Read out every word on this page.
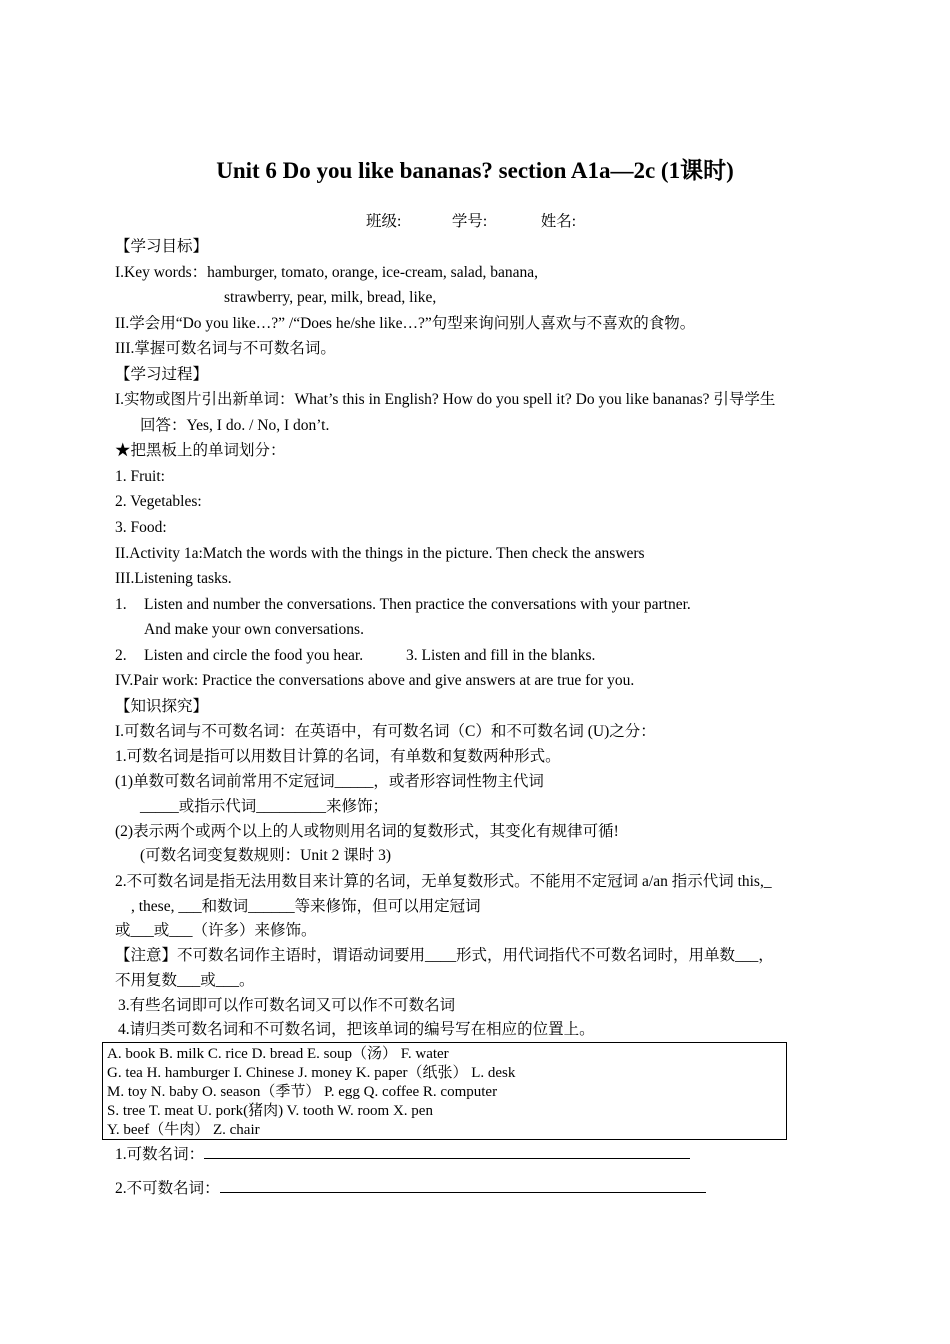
Unit 6 Do you like bananas? section A1a—2c (1课时)
班级:	学号:	姓名:
【学习目标】
I.Key words：hamburger, tomato, orange, ice-cream, salad, banana,
strawberry, pear, milk, bread, like,
II.学会用“Do you like…?” /“Does he/she like…?”句型来询问别人喜欢与不喜欢的食物。
III.掌握可数名词与不可数名词。
【学习过程】
I.实物或图片引出新单词：What’s this in English? How do you spell it? Do you like bananas? 引导学生
回答：Yes, I do. / No, I don’t.
★把黑板上的单词划分：
1. Fruit:
2. Vegetables:
3. Food:
II.Activity 1a:Match the words with the things in the picture. Then check the answers
III.Listening tasks.
1. Listen and number the conversations. Then practice the conversations with your partner.
And make your own conversations.
2. Listen and circle the food you hear.	3. Listen and fill in the blanks.
IV.Pair work: Practice the conversations above and give answers at are true for you.
【知识探究】
I.可数名词与不可数名词：在英语中，有可数名词（C）和不可数名词 (U)之分：
1.可数名词是指可以用数目计算的名词，有单数和复数两种形式。
(1)单数可数名词前常用不定冠词_____，或者形容词性物主代词
_____或指示代词_________来修饰；
(2)表示两个或两个以上的人或物则用名词的复数形式，其变化有规律可循!
(可数名词变复数规则：Unit 2 课时 3)
2.不可数名词是指无法用数目来计算的名词，无单复数形式。不能用不定冠词 a/an 指示代词 this,_
, these, ___和数词______等来修饰，但可以用定冠词
或___或___（许多）来修饰。
【注意】不可数名词作主语时，谓语动词要用____形式，用代词指代不可数名词时，用单数___，
不用复数___或___。
3.有些名词即可以作可数名词又可以作不可数名词
4.请归类可数名词和不可数名词，把该单词的编号写在相应的位置上。
A. book B. milk C. rice D. bread E. soup（汤） F. water
G. tea H. hamburger I. Chinese J. money K. paper（纸张） L. desk
M. toy N. baby O. season（季节） P. egg Q. coffee R. computer
S. tree T. meat U. pork(猪肉) V. tooth W. room X. pen
Y. beef（牛肉） Z. chair
1.可数名词：
2.不可数名词：
